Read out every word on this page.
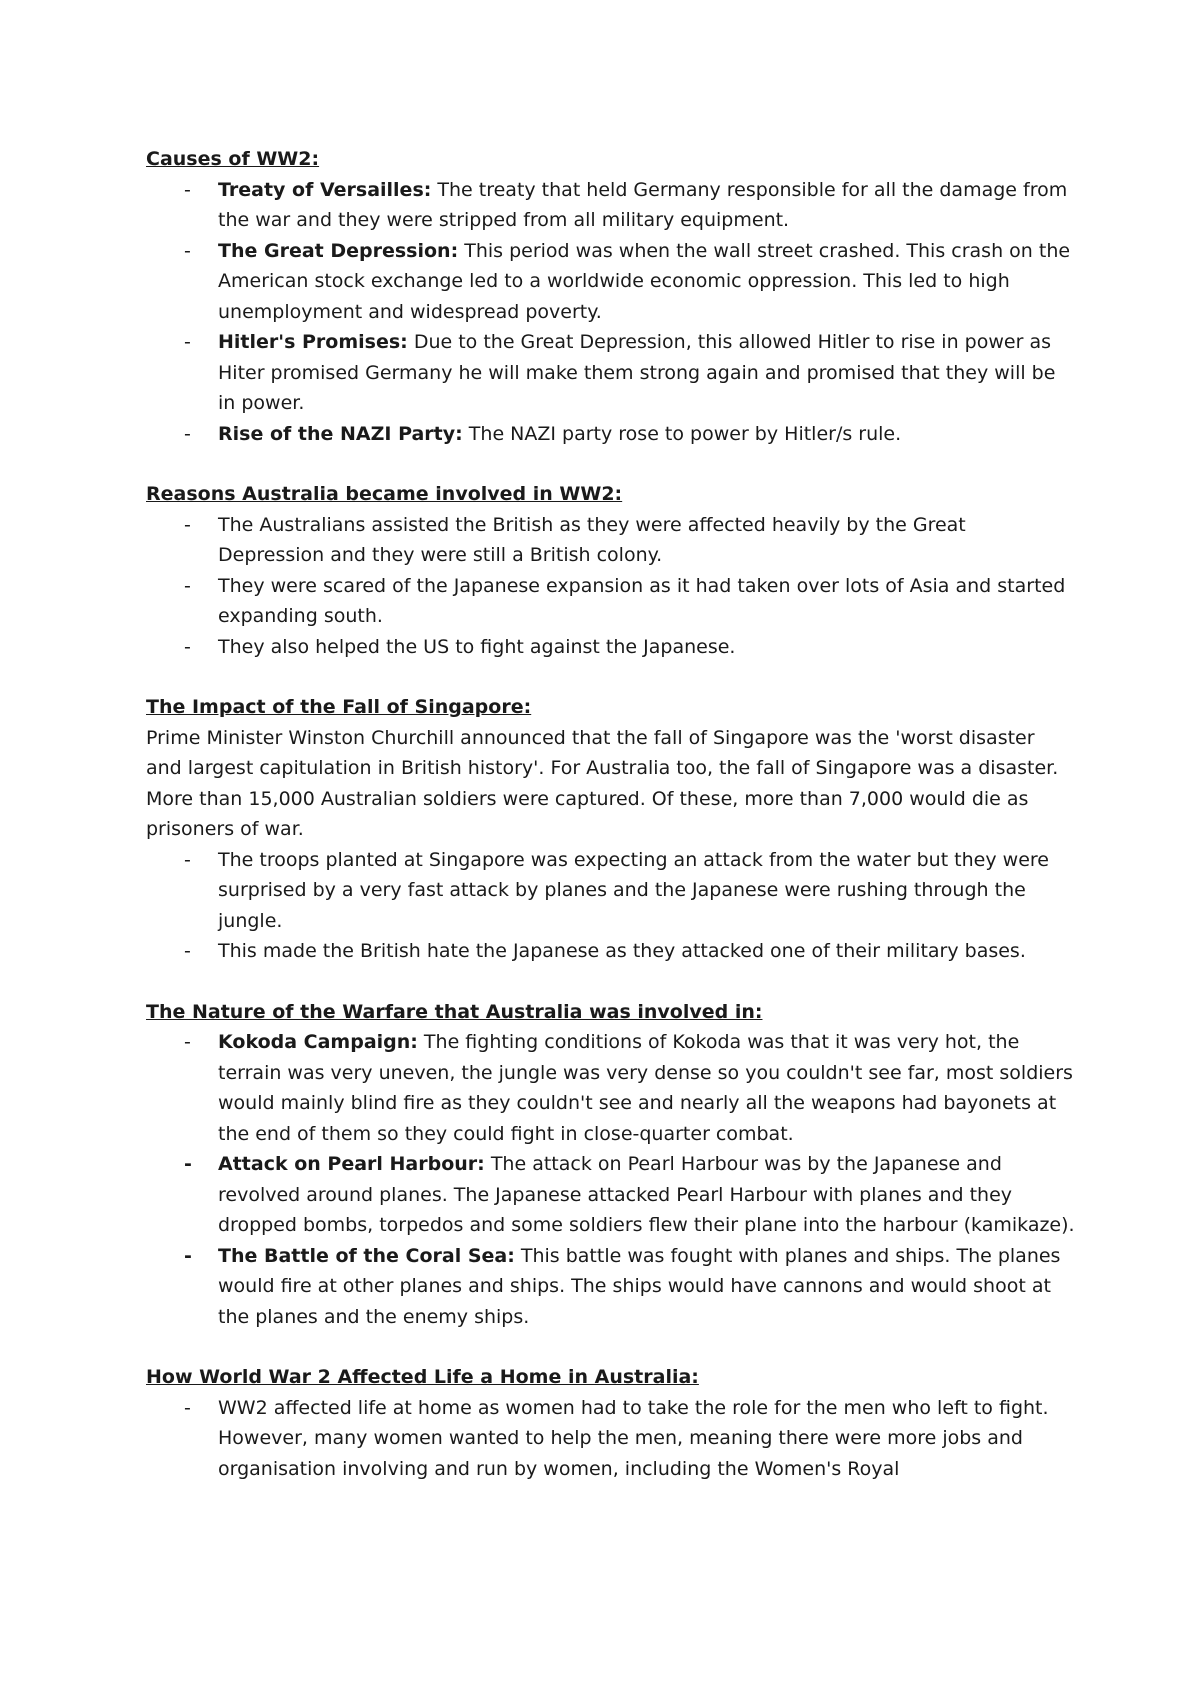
Causes of WW2:

- Treaty of Versailles: The treaty that held Germany responsible for all the damage from the war and they were stripped from all military equipment.
- The Great Depression: This period was when the wall street crashed. This crash on the American stock exchange led to a worldwide economic oppression. This led to high unemployment and widespread poverty.
- Hitler's Promises: Due to the Great Depression, this allowed Hitler to rise in power as Hiter promised Germany he will make them strong again and promised that they will be in power.
- Rise of the NAZI Party: The NAZI party rose to power by Hitler/s rule.

Reasons Australia became involved in WW2:

- The Australians assisted the British as they were affected heavily by the Great Depression and they were still a British colony.
- They were scared of the Japanese expansion as it had taken over lots of Asia and started expanding south.
- They also helped the US to fight against the Japanese.

The Impact of the Fall of Singapore:

Prime Minister Winston Churchill announced that the fall of Singapore was the 'worst disaster and largest capitulation in British history'. For Australia too, the fall of Singapore was a disaster. More than 15,000 Australian soldiers were captured. Of these, more than 7,000 would die as prisoners of war.

- The troops planted at Singapore was expecting an attack from the water but they were surprised by a very fast attack by planes and the Japanese were rushing through the jungle.
- This made the British hate the Japanese as they attacked one of their military bases.

The Nature of the Warfare that Australia was involved in:

- Kokoda Campaign: The fighting conditions of Kokoda was that it was very hot, the terrain was very uneven, the jungle was very dense so you couldn't see far, most soldiers would mainly blind fire as they couldn't see and nearly all the weapons had bayonets at the end of them so they could fight in close-quarter combat.
- Attack on Pearl Harbour: The attack on Pearl Harbour was by the Japanese and revolved around planes. The Japanese attacked Pearl Harbour with planes and they dropped bombs, torpedos and some soldiers flew their plane into the harbour (kamikaze).
- The Battle of the Coral Sea: This battle was fought with planes and ships. The planes would fire at other planes and ships. The ships would have cannons and would shoot at the planes and the enemy ships.

How World War 2 Affected Life a Home in Australia:

- WW2 affected life at home as women had to take the role for the men who left to fight. However, many women wanted to help the men, meaning there were more jobs and organisation involving and run by women, including the Women's Royal
